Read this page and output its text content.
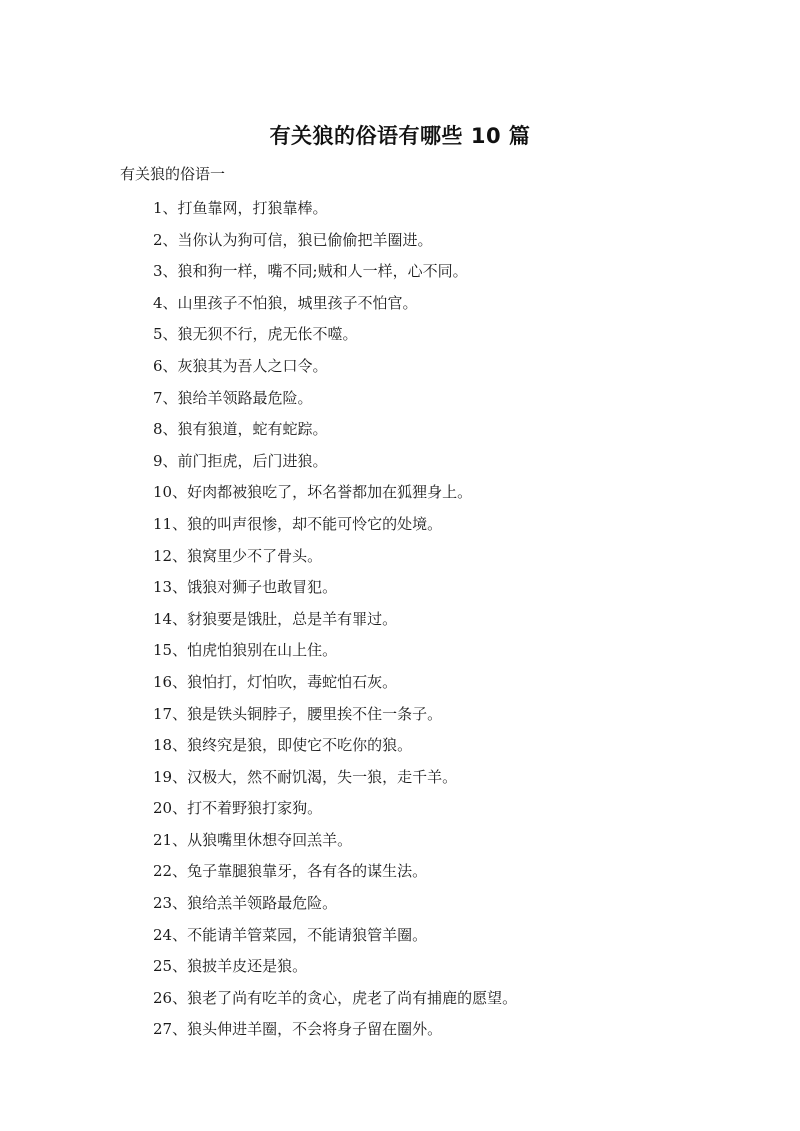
有关狼的俗语有哪些 10 篇
有关狼的俗语一
1、打鱼靠网，打狼靠棒。
2、当你认为狗可信，狼已偷偷把羊圈进。
3、狼和狗一样，嘴不同;贼和人一样，心不同。
4、山里孩子不怕狼，城里孩子不怕官。
5、狼无狈不行，虎无伥不噬。
6、灰狼其为吾人之口令。
7、狼给羊领路最危险。
8、狼有狼道，蛇有蛇踪。
9、前门拒虎，后门进狼。
10、好肉都被狼吃了，坏名誉都加在狐狸身上。
11、狼的叫声很惨，却不能可怜它的处境。
12、狼窝里少不了骨头。
13、饿狼对狮子也敢冒犯。
14、豺狼要是饿肚，总是羊有罪过。
15、怕虎怕狼别在山上住。
16、狼怕打，灯怕吹，毒蛇怕石灰。
17、狼是铁头铜脖子，腰里挨不住一条子。
18、狼终究是狼，即使它不吃你的狼。
19、汉极大，然不耐饥渴，失一狼，走千羊。
20、打不着野狼打家狗。
21、从狼嘴里休想夺回羔羊。
22、兔子靠腿狼靠牙，各有各的谋生法。
23、狼给羔羊领路最危险。
24、不能请羊管菜园，不能请狼管羊圈。
25、狼披羊皮还是狼。
26、狼老了尚有吃羊的贪心，虎老了尚有捕鹿的愿望。
27、狼头伸进羊圈，不会将身子留在圈外。
